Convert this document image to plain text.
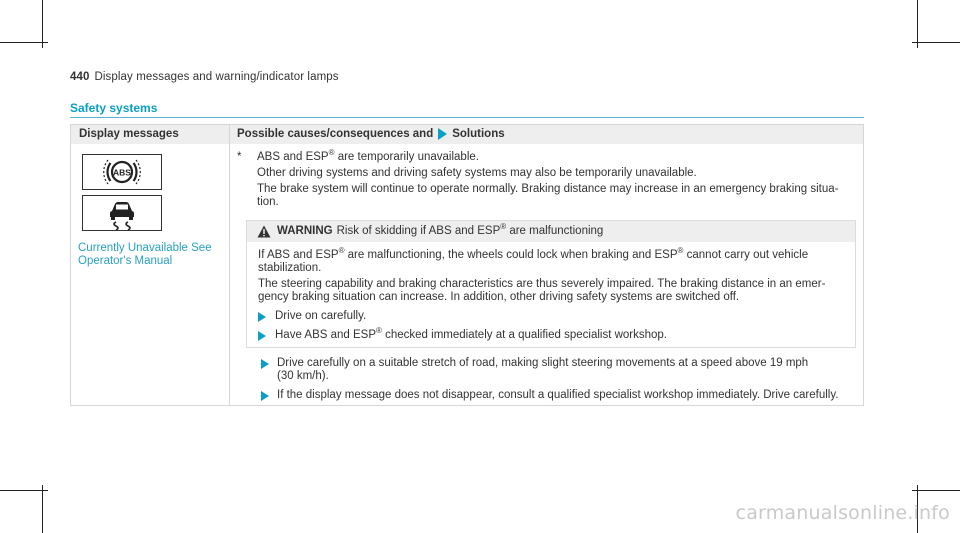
440 Display messages and warning/indicator lamps
Safety systems
Display messages	Possible causes/consequences and Solutions
ABS
Currently Unavailable See Operator's Manual
* ABS and ESP® are temporarily unavailable.
Other driving systems and driving safety systems may also be temporarily unavailable.
The brake system will continue to operate normally. Braking distance may increase in an emergency braking situa-
tion.
WARNING Risk of skidding if ABS and ESP® are malfunctioning
If ABS and ESP® are malfunctioning, the wheels could lock when braking and ESP® cannot carry out vehicle
stabilization.
The steering capability and braking characteristics are thus severely impaired. The braking distance in an emer-
gency braking situation can increase. In addition, other driving safety systems are switched off.
Drive on carefully.
Have ABS and ESP® checked immediately at a qualified specialist workshop.
Drive carefully on a suitable stretch of road, making slight steering movements at a speed above 19 mph
(30 km/h).
If the display message does not disappear, consult a qualified specialist workshop immediately. Drive carefully.
carmanualsonline.info
